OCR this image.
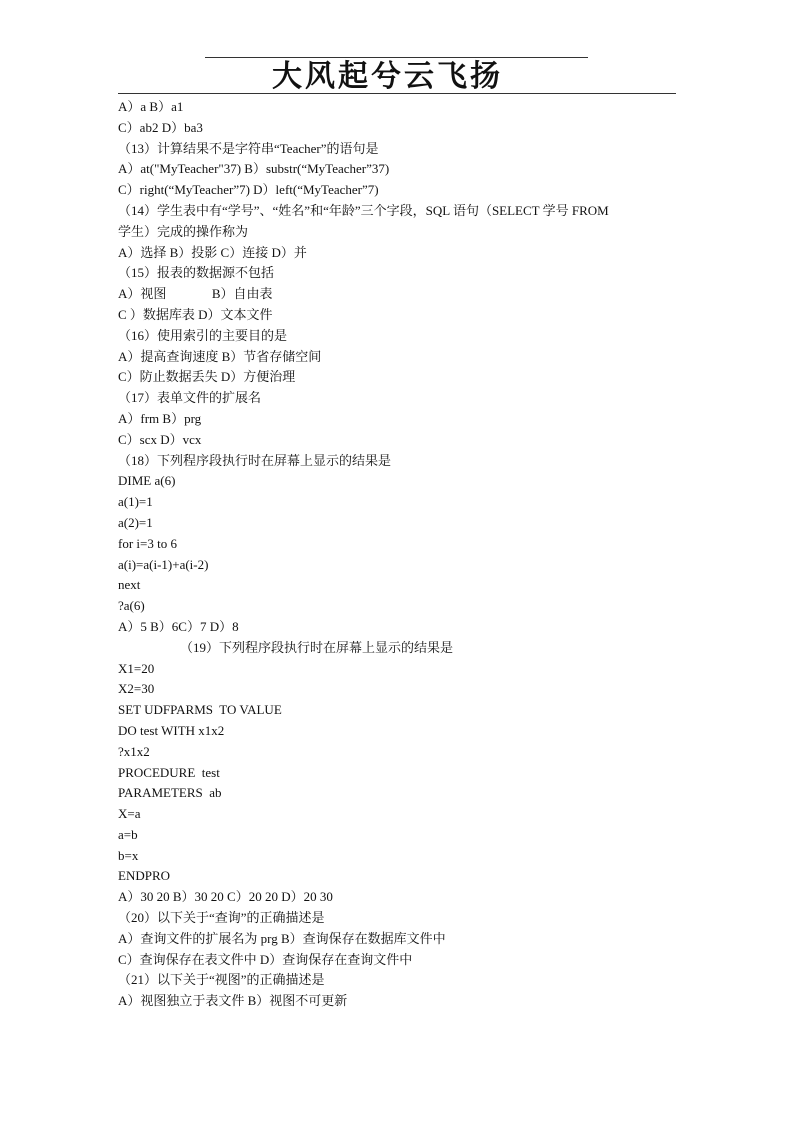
大风起兮云飞扬
A）a B）a1
C）ab2 D）ba3
（13）计算结果不是字符串“Teacher”的语句是
A）at("MyTeacher"37) B）substr(“MyTeacher”37)
C）right(“MyTeacher”7) D）left(“MyTeacher”7)
（14）学生表中有“学号”、“姓名”和“年龄”三个字段，SQL 语句（SELECT 学号 FROM
学生）完成的操作称为
A）选择 B）投影 C）连接 D）并
（15）报表的数据源不包括
A）视图              B）自由表
C ）数据库表 D）文本文件
（16）使用索引的主要目的是
A）提高查询速度 B）节省存储空间
C）防止数据丢失 D）方便治理
（17）表单文件的扩展名
A）frm B）prg
C）scx D）vcx
（18）下列程序段执行时在屏幕上显示的结果是
DIME a(6)
a(1)=1
a(2)=1
for i=3 to 6
a(i)=a(i-1)+a(i-2)
next
?a(6)
A）5 B）6C）7 D）8
（19）下列程序段执行时在屏幕上显示的结果是
X1=20
X2=30
SET UDFPARMS  TO VALUE
DO test WITH x1x2
?x1x2
PROCEDURE  test
PARAMETERS  ab
X=a
a=b
b=x
ENDPRO
A）30 20 B）30 20 C）20 20 D）20 30
（20）以下关于“查询”的正确描述是
A）查询文件的扩展名为 prg B）查询保存在数据库文件中
C）查询保存在表文件中 D）查询保存在查询文件中
（21）以下关于“视图”的正确描述是
A）视图独立于表文件 B）视图不可更新
